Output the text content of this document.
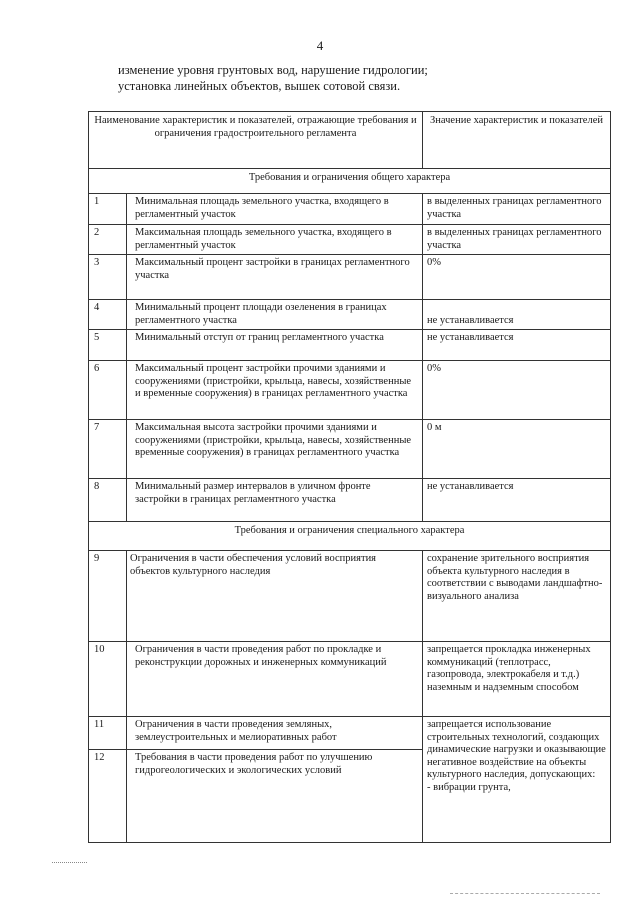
4

изменение уровня грунтовых вод, нарушение гидрологии;

установка линейных объектов, вышек сотовой связи.

Наименование характеристик и показателей, отражающие требования и ограничения градостроительного регламента		Значение характеристик и показателей
Требования и ограничения общего характера		
1	Минимальная площадь земельного участка, входящего в регламентный участок	в выделенных границах регламентного участка
2	Максимальная площадь земельного участка, входящего в регламентный участок	в выделенных границах регламентного участка
3	Максимальный процент застройки в границах регламентного участка	0%
4	Минимальный процент площади озеленения в границах регламентного участка	не устанавливается
5	Минимальный отступ от границ регламентного участка	не устанавливается
6	Максимальный процент застройки прочими зданиями и сооружениями (пристройки, крыльца, навесы, хозяйственные и временные сооружения) в границах регламентного участка	0%
7	Максимальная высота застройки прочими зданиями и сооружениями (пристройки, крыльца, навесы, хозяйственные временные сооружения) в границах регламентного участка	0 м
8	Минимальный размер интервалов в уличном фронте застройки в границах регламентного участка	не устанавливается
Требования и ограничения специального характера		
9	Ограничения в части обеспечения условий восприятия объектов культурного наследия	сохранение зрительного восприятия объекта культурного наследия в соответствии с выводами ландшафтно-визуального анализа
10	Ограничения в части проведения работ по прокладке и реконструкции дорожных и инженерных коммуникаций	запрещается прокладка инженерных коммуникаций (теплотрасс, газопровода, электрокабеля и т.д.) наземным и надземным способом
11	Ограничения в части проведения земляных, землеустроительных и мелиоративных работ	запрещается использование строительных технологий, создающих динамические нагрузки и оказывающие негативное воздействие на объекты культурного наследия, допускающих:
- вибрации грунта,
12	Требования в части проведения работ по улучшению гидрогеологических и экологических условий	
